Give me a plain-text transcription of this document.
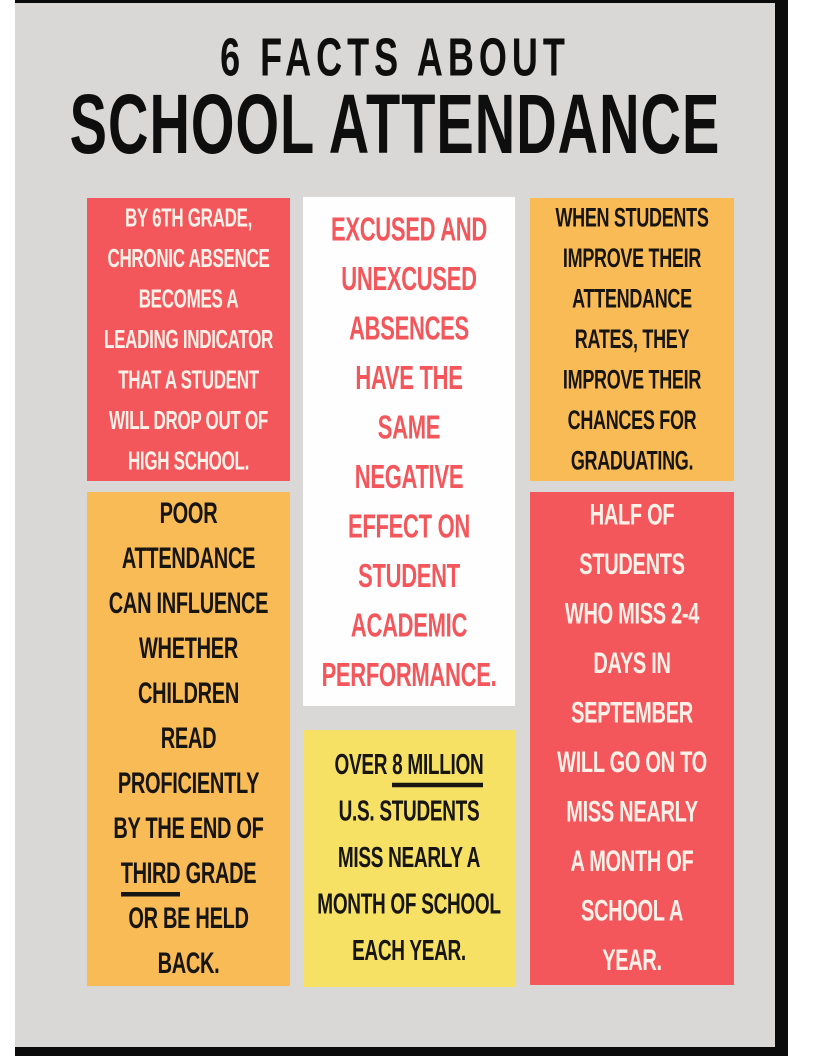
6 FACTS ABOUT
SCHOOL ATTENDANCE
BY 6TH GRADE,
CHRONIC ABSENCE
BECOMES A
LEADING INDICATOR
THAT A STUDENT
WILL DROP OUT OF
HIGH SCHOOL.
POOR
ATTENDANCE
CAN INFLUENCE
WHETHER
CHILDREN
READ
PROFICIENTLY
BY THE END OF
THIRD GRADE
OR BE HELD
BACK.
EXCUSED AND
UNEXCUSED
ABSENCES
HAVE THE
SAME
NEGATIVE
EFFECT ON
STUDENT
ACADEMIC
PERFORMANCE.
OVER 8 MILLION
U.S. STUDENTS
MISS NEARLY A
MONTH OF SCHOOL
EACH YEAR.
WHEN STUDENTS
IMPROVE THEIR
ATTENDANCE
RATES, THEY
IMPROVE THEIR
CHANCES FOR
GRADUATING.
HALF OF
STUDENTS
WHO MISS 2-4
DAYS IN
SEPTEMBER
WILL GO ON TO
MISS NEARLY
A MONTH OF
SCHOOL A
YEAR.
